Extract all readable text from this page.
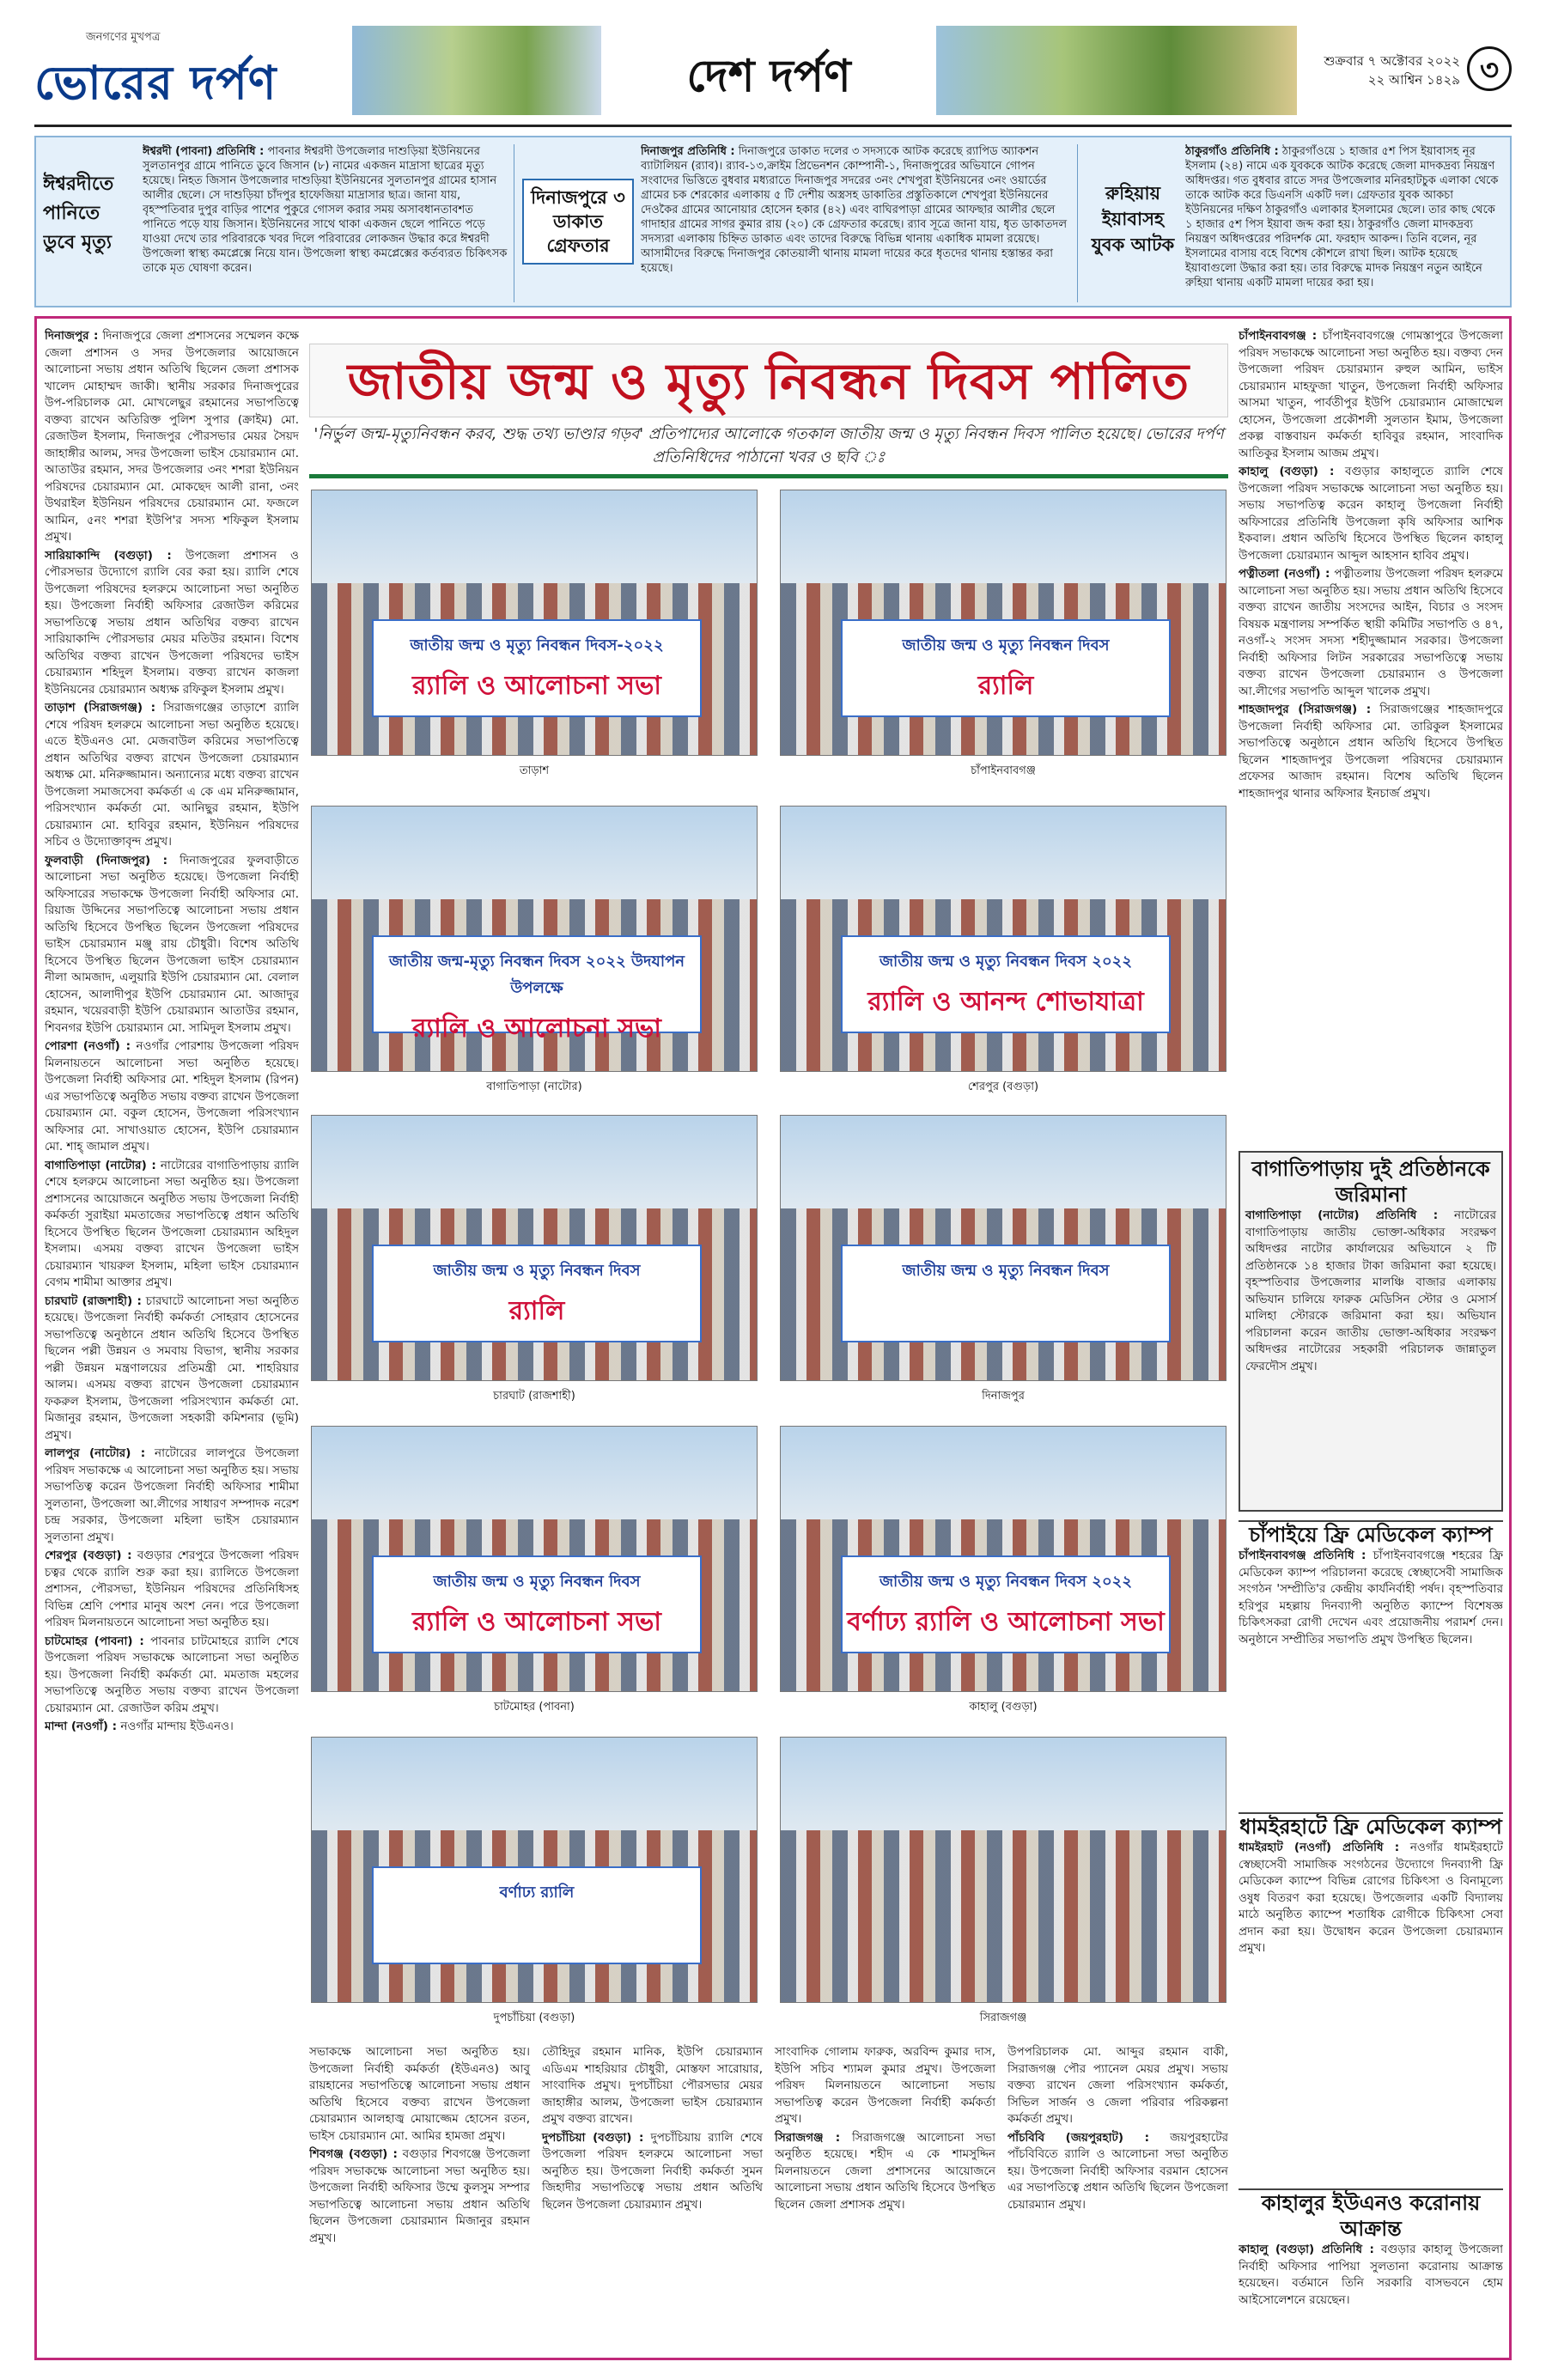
জনগণের মুখপত্র
ভোরের দর্পণ	দেশ দর্পণ	শুক্রবার ৭ অক্টোবর ২০২২
২২ আশ্বিন ১৪২৯ ৩
ঈশ্বরদীতে পানিতে ডুবে মৃত্যু
ঈশ্বরদী (পাবনা) প্রতিনিধি : পাবনার ঈশ্বরদী উপজেলার দাশুড়িয়া ইউনিয়নের সুলতানপুর গ্রামে পানিতে ডুবে জিসান (৮) নামের একজন মাদ্রাসা ছাত্রের মৃত্যু হয়েছে। নিহত জিসান উপজেলার দাশুড়িয়া ইউনিয়নের সুলতানপুর গ্রামের হাসান আলীর ছেলে। সে দাশুড়িয়া চাঁদপুর হাফেজিয়া মাদ্রাসার ছাত্র। জানা যায়, বৃহস্পতিবার দুপুর বাড়ির পাশের পুকুরে গোসল করার সময় অসাবধানতাবশত পানিতে পড়ে যায় জিসান। ইউনিয়নের সাথে থাকা একজন ছেলে পানিতে পড়ে যাওয়া দেখে তার পরিবারকে খবর দিলে পরিবারের লোকজন উদ্ধার করে ঈশ্বরদী উপজেলা স্বাস্থ্য কমপ্লেক্সে নিয়ে যান। উপজেলা স্বাস্থ্য কমপ্লেক্সের কর্তব্যরত চিকিৎসক তাকে মৃত ঘোষণা করেন।
দিনাজপুরে ৩ ডাকাত গ্রেফতার
দিনাজপুর প্রতিনিধি : দিনাজপুরে ডাকাত দলের ৩ সদস্যকে আটক করেছে র‍্যাপিড অ্যাকশন ব্যাটালিয়ন (র‍্যাব)। র‍্যাব-১৩,ক্রাইম প্রিভেনশন কোম্পানী-১, দিনাজপুরের অভিযানে গোপন সংবাদের ভিত্তিতে বুধবার মধ্যরাতে দিনাজপুর সদরের ৩নং শেখপুরা ইউনিয়নের ৩নং ওয়ার্ডের গ্রামের চক শেরকোর এলাকায় ৫ টি দেশীয় অস্ত্রসহ ডাকাতির প্রস্তুতিকালে শেখপুরা ইউনিয়নের দেওকৈর গ্রামের আনোয়ার হোসেন হকার (৪২) এবং বাঘিরপাড়া গ্রামের আফছার আলীর ছেলে গাদাহার গ্রামের সাগর কুমার রায় (২০) কে গ্রেফতার করেছে। র‍্যাব সূত্রে জানা যায়, ধৃত ডাকাতদল সদস্যরা এলাকায় চিহ্নিত ডাকাত এবং তাদের বিরুদ্ধে বিভিন্ন থানায় একাধিক মামলা রয়েছে। আসামীদের বিরুদ্ধে দিনাজপুর কোতয়ালী থানায় মামলা দায়ের করে ধৃতদের থানায় হস্তান্তর করা হয়েছে।
রুহিয়ায় ইয়াবাসহ যুবক আটক
ঠাকুরগাঁও প্রতিনিধি : ঠাকুরগাঁওয়ে ১ হাজার ৫শ পিস ইয়াবাসহ নূর ইসলাম (২৪) নামে এক যুবককে আটক করেছে জেলা মাদকদ্রব্য নিয়ন্ত্রণ অধিদপ্তর। গত বুধবার রাতে সদর উপজেলার মনিরহাটচুক এলাকা থেকে তাকে আটক করে ডিএনসি একটি দল। গ্রেফতার যুবক আকচা ইউনিয়নের দক্ষিণ ঠাকুরগাঁও এলাকার ইসলামের ছেলে। তার কাছ থেকে ১ হাজার ৫শ পিস ইয়াবা জব্দ করা হয়। ঠাকুরগাঁও জেলা মাদকদ্রব্য নিয়ন্ত্রণ অধিদপ্তরের পরিদর্শক মো. ফরহাদ আকন্দ। তিনি বলেন, নূর ইসলামের বাসায় বহে বিশেষ কৌশলে রাখা ছিল। আটক হয়েছে ইয়াবাগুলো উদ্ধার করা হয়। তার বিরুদ্ধে মাদক নিয়ন্ত্রণ নতুন আইনে রুহিয়া থানায় একটি মামলা দায়ের করা হয়।

দিনাজপুর : দিনাজপুরে জেলা প্রশাসনের সম্মেলন কক্ষে জেলা প্রশাসন ও সদর উপজেলার আয়োজনে আলোচনা সভায় প্রধান অতিথি ছিলেন জেলা প্রশাসক খালেদ মোহাম্মদ জাকী। স্থানীয় সরকার দিনাজপুরের উপ-পরিচালক মো. মোখলেছুর রহমানের সভাপতিত্বে বক্তব্য রাখেন অতিরিক্ত পুলিশ সুপার (ক্রাইম) মো. রেজাউল ইসলাম, দিনাজপুর পৌরসভার মেয়র সৈয়দ জাহাঙ্গীর আলম, সদর উপজেলা ভাইস চেয়ারম্যান মো. আতাউর রহমান, সদর উপজেলার ৩নং শশরা ইউনিয়ন পরিষদের চেয়ারম্যান মো. মোকছেদ আলী রানা, ৩নং উথরাইল ইউনিয়ন পরিষদের চেয়ারম্যান মো. ফজলে আমিন, ৫নং শশরা ইউপি'র সদস্য শফিকুল ইসলাম প্রমুখ।

সারিয়াকান্দি (বগুড়া) : উপজেলা প্রশাসন ও পৌরসভার উদ্যোগে র‍্যালি বের করা হয়। র‍্যালি শেষে উপজেলা পরিষদের হলরুমে আলোচনা সভা অনুষ্ঠিত হয়। উপজেলা নির্বাহী অফিসার রেজাউল করিমের সভাপতিত্বে সভায় প্রধান অতিথির বক্তব্য রাখেন সারিয়াকান্দি পৌরসভার মেয়র মতিউর রহমান। বিশেষ অতিথির বক্তব্য রাখেন উপজেলা পরিষদের ভাইস চেয়ারম্যান শহিদুল ইসলাম। বক্তব্য রাখেন কাজলা ইউনিয়নের চেয়ারম্যান অধ্যক্ষ রফিকুল ইসলাম প্রমুখ।

তাড়াশ (সিরাজগঞ্জ) : সিরাজগঞ্জের তাড়াশে র‍্যালি শেষে পরিষদ হলরুমে আলোচনা সভা অনুষ্ঠিত হয়েছে। এতে ইউএনও মো. মেজবাউল করিমের সভাপতিত্বে প্রধান অতিথির বক্তব্য রাখেন উপজেলা চেয়ারম্যান অধ্যক্ষ মো. মনিরুজ্জামান। অন্যান্যের মধ্যে বক্তব্য রাখেন উপজেলা সমাজসেবা কর্মকর্তা এ কে এম মনিরুজ্জামান, পরিসংখ্যান কর্মকর্তা মো. আনিছুর রহমান, ইউপি চেয়ারম্যান মো. হাবিবুর রহমান, ইউনিয়ন পরিষদের সচিব ও উদ্যোক্তাবৃন্দ প্রমুখ।

ফুলবাড়ী (দিনাজপুর) : দিনাজপুরের ফুলবাড়ীতে আলোচনা সভা অনুষ্ঠিত হয়েছে। উপজেলা নির্বাহী অফিসারের সভাকক্ষে উপজেলা নির্বাহী অফিসার মো. রিয়াজ উদ্দিনের সভাপতিত্বে আলোচনা সভায় প্রধান অতিথি হিসেবে উপস্থিত ছিলেন উপজেলা পরিষদের ভাইস চেয়ারম্যান মঞ্জু রায় চৌধুরী। বিশেষ অতিথি হিসেবে উপস্থিত ছিলেন উপজেলা ভাইস চেয়ারম্যান নীলা আমজাদ, এলুয়ারি ইউপি চেয়ারম্যান মো. বেলাল হোসেন, আলাদীপুর ইউপি চেয়ারম্যান মো. আজাদুর রহমান, খয়েরবাড়ী ইউপি চেয়ারম্যান আতাউর রহমান, শিবনগর ইউপি চেয়ারম্যান মো. সামিদুল ইসলাম প্রমুখ।

পোরশা (নওগাঁ) : নওগাঁর পোরশায় উপজেলা পরিষদ মিলনায়তনে আলোচনা সভা অনুষ্ঠিত হয়েছে। উপজেলা নির্বাহী অফিসার মো. শহিদুল ইসলাম (রিপন) এর সভাপতিত্বে অনুষ্ঠিত সভায় বক্তব্য রাখেন উপজেলা চেয়ারম্যান মো. বকুল হোসেন, উপজেলা পরিসংখ্যান অফিসার মো. সাখাওয়াত হোসেন, ইউপি চেয়ারম্যান মো. শাহ্‌ জামাল প্রমুখ।

বাগাতিপাড়া (নাটোর) : নাটোরের বাগাতিপাড়ায় র‍্যালি শেষে হলরুমে আলোচনা সভা অনুষ্ঠিত হয়। উপজেলা প্রশাসনের আয়োজনে অনুষ্ঠিত সভায় উপজেলা নির্বাহী কর্মকর্তা সুরাইয়া মমতাজের সভাপতিত্বে প্রধান অতিথি হিসেবে উপস্থিত ছিলেন উপজেলা চেয়ারম্যান অহিদুল ইসলাম। এসময় বক্তব্য রাখেন উপজেলা ভাইস চেয়ারম্যান খায়রুল ইসলাম, মহিলা ভাইস চেয়ারম্যান বেগম শামীমা আক্তার প্রমুখ।

চারঘাট (রাজশাহী) : চারঘাটে আলোচনা সভা অনুষ্ঠিত হয়েছে। উপজেলা নির্বাহী কর্মকর্তা সোহরাব হোসেনের সভাপতিত্বে অনুষ্ঠানে প্রধান অতিথি হিসেবে উপস্থিত ছিলেন পল্লী উন্নয়ন ও সমবায় বিভাগ, স্থানীয় সরকার পল্লী উন্নয়ন মন্ত্রণালয়ের প্রতিমন্ত্রী মো. শাহরিয়ার আলম। এসময় বক্তব্য রাখেন উপজেলা চেয়ারম্যান ফকরুল ইসলাম, উপজেলা পরিসংখ্যান কর্মকর্তা মো. মিজানুর রহমান, উপজেলা সহকারী কমিশনার (ভূমি) প্রমুখ।

লালপুর (নাটোর) : নাটোরের লালপুরে উপজেলা পরিষদ সভাকক্ষে এ আলোচনা সভা অনুষ্ঠিত হয়। সভায় সভাপতিত্ব করেন উপজেলা নির্বাহী অফিসার শামীমা সুলতানা, উপজেলা আ.লীগের সাধারণ সম্পাদক নরেশ চন্দ্র সরকার, উপজেলা মহিলা ভাইস চেয়ারম্যান সুলতানা প্রমুখ।

শেরপুর (বগুড়া) : বগুড়ার শেরপুরে উপজেলা পরিষদ চত্বর থেকে র‍্যালি শুরু করা হয়। র‍্যালিতে উপজেলা প্রশাসন, পৌরসভা, ইউনিয়ন পরিষদের প্রতিনিধিসহ বিভিন্ন শ্রেণি পেশার মানুষ অংশ নেন। পরে উপজেলা পরিষদ মিলনায়তনে আলোচনা সভা অনুষ্ঠিত হয়।

চাটমোহর (পাবনা) : পাবনার চাটমোহরে র‍্যালি শেষে উপজেলা পরিষদ সভাকক্ষে আলোচনা সভা অনুষ্ঠিত হয়। উপজেলা নির্বাহী কর্মকর্তা মো. মমতাজ মহলের সভাপতিত্বে অনুষ্ঠিত সভায় বক্তব্য রাখেন উপজেলা চেয়ারম্যান মো. রেজাউল করিম প্রমুখ।

মান্দা (নওগাঁ) : নওগাঁর মান্দায় ইউএনও।

জাতীয় জন্ম ও মৃত্যু নিবন্ধন দিবস পালিত
'নির্ভুল জন্ম-মৃত্যুনিবন্ধন করব, শুদ্ধ তথ্য ভাণ্ডার গড়ব' প্রতিপাদ্যের আলোকে গতকাল জাতীয় জন্ম ও মৃত্যু নিবন্ধন দিবস পালিত হয়েছে। ভোরের দর্পণ প্রতিনিধিদের পাঠানো খবর ও ছবি ঃ
জাতীয় জন্ম ও মৃত্যু নিবন্ধন দিবস-২০২২
র‍্যালি ও আলোচনা সভা
তাড়াশ
জাতীয় জন্ম ও মৃত্যু নিবন্ধন দিবস
র‍্যালি
চাঁপাইনবাবগঞ্জ
জাতীয় জন্ম-মৃত্যু নিবন্ধন দিবস ২০২২ উদযাপন উপলক্ষে
র‍্যালি ও আলোচনা সভা
বাগাতিপাড়া (নাটোর)
জাতীয় জন্ম ও মৃত্যু নিবন্ধন দিবস ২০২২
র‍্যালি ও আনন্দ শোভাযাত্রা
শেরপুর (বগুড়া)
জাতীয় জন্ম ও মৃত্যু নিবন্ধন দিবস
র‍্যালি
চারঘাট (রাজশাহী)
জাতীয় জন্ম ও মৃত্যু নিবন্ধন দিবস
দিনাজপুর
জাতীয় জন্ম ও মৃত্যু নিবন্ধন দিবস
র‍্যালি ও আলোচনা সভা
চাটমোহর (পাবনা)
জাতীয় জন্ম ও মৃত্যু নিবন্ধন দিবস ২০২২
বর্ণাঢ্য র‍্যালি ও আলোচনা সভা
কাহালু (বগুড়া)
বর্ণাঢ্য র‍্যালি
দুপচাঁচিয়া (বগুড়া)	সিরাজগঞ্জ

সভাকক্ষে আলোচনা সভা অনুষ্ঠিত হয়। উপজেলা নির্বাহী কর্মকর্তা (ইউএনও) আবু রায়হানের সভাপতিত্বে আলোচনা সভায় প্রধান অতিথি হিসেবে বক্তব্য রাখেন উপজেলা চেয়ারম্যান আলহাজ্ব মোয়াজ্জেম হোসেন রতন, ভাইস চেয়ারম্যান মো. আমির হামজা প্রমুখ।

শিবগঞ্জ (বগুড়া) : বগুড়ার শিবগঞ্জে উপজেলা পরিষদ সভাকক্ষে আলোচনা সভা অনুষ্ঠিত হয়। উপজেলা নির্বাহী অফিসার উম্মে কুলসুম সম্পার সভাপতিত্বে আলোচনা সভায় প্রধান অতিথি ছিলেন উপজেলা চেয়ারম্যান মিজানুর রহমান প্রমুখ।

তৌহিদুর রহমান মানিক, ইউপি চেয়ারম্যান এডিএম শাহরিয়ার চৌধুরী, মোস্তফা সারোয়ার, সাংবাদিক প্রমুখ। দুপচাঁচিয়া পৌরসভার মেয়র জাহাঙ্গীর আলম, উপজেলা ভাইস চেয়ারম্যান প্রমুখ বক্তব্য রাখেন।

দুপচাঁচিয়া (বগুড়া) : দুপচাঁচিয়ায় র‍্যালি শেষে উপজেলা পরিষদ হলরুমে আলোচনা সভা অনুষ্ঠিত হয়। উপজেলা নির্বাহী কর্মকর্তা সুমন জিহাদীর সভাপতিত্বে সভায় প্রধান অতিথি ছিলেন উপজেলা চেয়ারম্যান প্রমুখ।

সাংবাদিক গোলাম ফারুক, অরবিন্দ কুমার দাস, ইউপি সচিব শ্যামল কুমার প্রমুখ। উপজেলা পরিষদ মিলনায়তনে আলোচনা সভায় সভাপতিত্ব করেন উপজেলা নির্বাহী কর্মকর্তা প্রমুখ।

সিরাজগঞ্জ : সিরাজগঞ্জে আলোচনা সভা অনুষ্ঠিত হয়েছে। শহীদ এ কে শামসুদ্দিন মিলনায়তনে জেলা প্রশাসনের আয়োজনে আলোচনা সভায় প্রধান অতিথি হিসেবে উপস্থিত ছিলেন জেলা প্রশাসক প্রমুখ।

উপপরিচালক মো. আব্দুর রহমান বাকী, সিরাজগঞ্জ পৌর প্যানেল মেয়র প্রমুখ। সভায় বক্তব্য রাখেন জেলা পরিসংখ্যান কর্মকর্তা, সিভিল সার্জন ও জেলা পরিবার পরিকল্পনা কর্মকর্তা প্রমুখ।

পাঁচবিবি (জয়পুরহাট) : জয়পুরহাটের পাঁচবিবিতে র‍্যালি ও আলোচনা সভা অনুষ্ঠিত হয়। উপজেলা নির্বাহী অফিসার বরমান হোসেন এর সভাপতিত্বে প্রধান অতিথি ছিলেন উপজেলা চেয়ারম্যান প্রমুখ।

চাঁপাইনবাবগঞ্জ : চাঁপাইনবাবগঞ্জে গোমস্তাপুরে উপজেলা পরিষদ সভাকক্ষে আলোচনা সভা অনুষ্ঠিত হয়। বক্তব্য দেন উপজেলা পরিষদ চেয়ারম্যান রুহুল আমিন, ভাইস চেয়ারম্যান মাহফুজা খাতুন, উপজেলা নির্বাহী অফিসার আসমা খাতুন, পার্বতীপুর ইউপি চেয়ারম্যান মোজাম্মেল হোসেন, উপজেলা প্রকৌশলী সুলতান ইমাম, উপজেলা প্রকল্প বাস্তবায়ন কর্মকর্তা হাবিবুর রহমান, সাংবাদিক আতিকুর ইসলাম আজম প্রমুখ।

কাহালু (বগুড়া) : বগুড়ার কাহালুতে র‍্যালি শেষে উপজেলা পরিষদ সভাকক্ষে আলোচনা সভা অনুষ্ঠিত হয়। সভায় সভাপতিত্ব করেন কাহালু উপজেলা নির্বাহী অফিসারের প্রতিনিধি উপজেলা কৃষি অফিসার আশিক ইকবাল। প্রধান অতিথি হিসেবে উপস্থিত ছিলেন কাহালু উপজেলা চেয়ারম্যান আব্দুল আহসান হাবিব প্রমুখ।

পত্নীতলা (নওগাঁ) : পত্নীতলায় উপজেলা পরিষদ হলরুমে আলোচনা সভা অনুষ্ঠিত হয়। সভায় প্রধান অতিথি হিসেবে বক্তব্য রাখেন জাতীয় সংসদের আইন, বিচার ও সংসদ বিষয়ক মন্ত্রণালয় সম্পর্কিত স্থায়ী কমিটির সভাপতি ও ৪৭, নওগাঁ-২ সংসদ সদস্য শহীদুজ্জামান সরকার। উপজেলা নির্বাহী অফিসার লিটন সরকারের সভাপতিত্বে সভায় বক্তব্য রাখেন উপজেলা চেয়ারম্যান ও উপজেলা আ.লীগের সভাপতি আব্দুল খালেক প্রমুখ।

শাহজাদপুর (সিরাজগঞ্জ) : সিরাজগঞ্জের শাহজাদপুরে উপজেলা নির্বাহী অফিসার মো. তারিকুল ইসলামের সভাপতিত্বে অনুষ্ঠানে প্রধান অতিথি হিসেবে উপস্থিত ছিলেন শাহজাদপুর উপজেলা পরিষদের চেয়ারম্যান প্রফেসর আজাদ রহমান। বিশেষ অতিথি ছিলেন শাহজাদপুর থানার অফিসার ইনচার্জ প্রমুখ।

বাগাতিপাড়ায় দুই প্রতিষ্ঠানকে জরিমানা
বাগাতিপাড়া (নাটোর) প্রতিনিধি : নাটোরের বাগাতিপাড়ায় জাতীয় ভোক্তা-অধিকার সংরক্ষণ অধিদপ্তর নাটোর কার্যালয়ের অভিযানে ২ টি প্রতিষ্ঠানকে ১৪ হাজার টাকা জরিমানা করা হয়েছে। বৃহস্পতিবার উপজেলার মালঞ্চি বাজার এলাকায় অভিযান চালিয়ে ফারুক মেডিসিন স্টোর ও মেসার্স মালিহা স্টোরকে জরিমানা করা হয়। অভিযান পরিচালনা করেন জাতীয় ভোক্তা-অধিকার সংরক্ষণ অধিদপ্তর নাটোরের সহকারী পরিচালক জান্নাতুল ফেরদৌস প্রমুখ।
চাঁপাইয়ে ফ্রি মেডিকেল ক্যাম্প
চাঁপাইনবাবগঞ্জ প্রতিনিধি : চাঁপাইনবাবগঞ্জে শহরের ফ্রি মেডিকেল ক্যাম্প পরিচালনা করেছে স্বেচ্ছাসেবী সামাজিক সংগঠন 'সম্প্রীতি'র কেন্দ্রীয় কার্যনির্বাহী পর্ষদ। বৃহস্পতিবার হরিপুর মহল্লায় দিনব্যাপী অনুষ্ঠিত ক্যাম্পে বিশেষজ্ঞ চিকিৎসকরা রোগী দেখেন এবং প্রয়োজনীয় পরামর্শ দেন। অনুষ্ঠানে সম্প্রীতির সভাপতি প্রমুখ উপস্থিত ছিলেন।
ধামইরহাটে ফ্রি মেডিকেল ক্যাম্প
ধামইরহাট (নওগাঁ) প্রতিনিধি : নওগাঁর ধামইরহাটে স্বেচ্ছাসেবী সামাজিক সংগঠনের উদ্যোগে দিনব্যাপী ফ্রি মেডিকেল ক্যাম্পে বিভিন্ন রোগের চিকিৎসা ও বিনামূল্যে ওষুধ বিতরণ করা হয়েছে। উপজেলার একটি বিদ্যালয় মাঠে অনুষ্ঠিত ক্যাম্পে শতাধিক রোগীকে চিকিৎসা সেবা প্রদান করা হয়। উদ্বোধন করেন উপজেলা চেয়ারম্যান প্রমুখ।
কাহালুর ইউএনও করোনায় আক্রান্ত
কাহালু (বগুড়া) প্রতিনিধি : বগুড়ার কাহালু উপজেলা নির্বাহী অফিসার পাপিয়া সুলতানা করোনায় আক্রান্ত হয়েছেন। বর্তমানে তিনি সরকারি বাসভবনে হোম আইসোলেশনে রয়েছেন।
